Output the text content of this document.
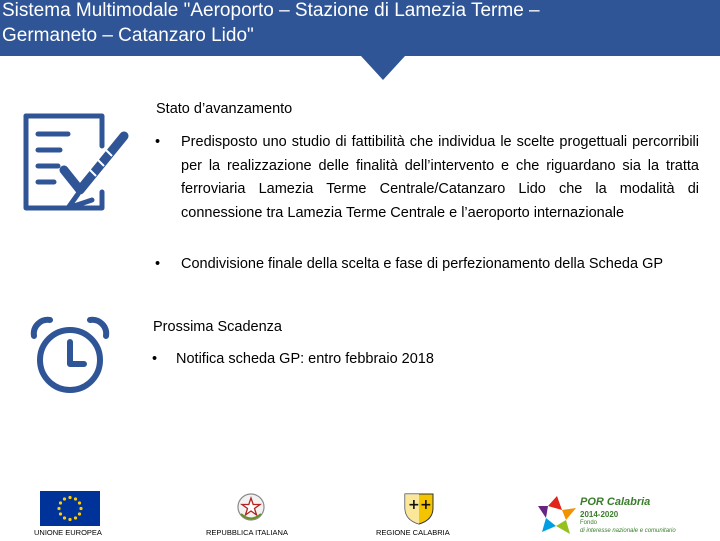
Sistema Multimodale "Aeroporto – Stazione di Lamezia Terme –
Germaneto – Catanzaro Lido"
Stato d’avanzamento
• Predisposto uno studio di fattibilità che individua le scelte progettuali percorribili per la realizzazione delle finalità dell’intervento e che riguardano sia la tratta ferroviaria Lamezia Terme Centrale/Catanzaro Lido che la modalità di connessione tra Lamezia Terme Centrale e l’aeroporto internazionale
• Condivisione finale della scelta e fase di perfezionamento della Scheda GP
Prossima Scadenza
• Notifica scheda GP: entro febbraio 2018
UNIONE EUROPEA	REPUBBLICA ITALIANA
+ +
REGIONE CALABRIA
POR Calabria
2014-2020
Fondo
di interesse nazionale e comunitario
